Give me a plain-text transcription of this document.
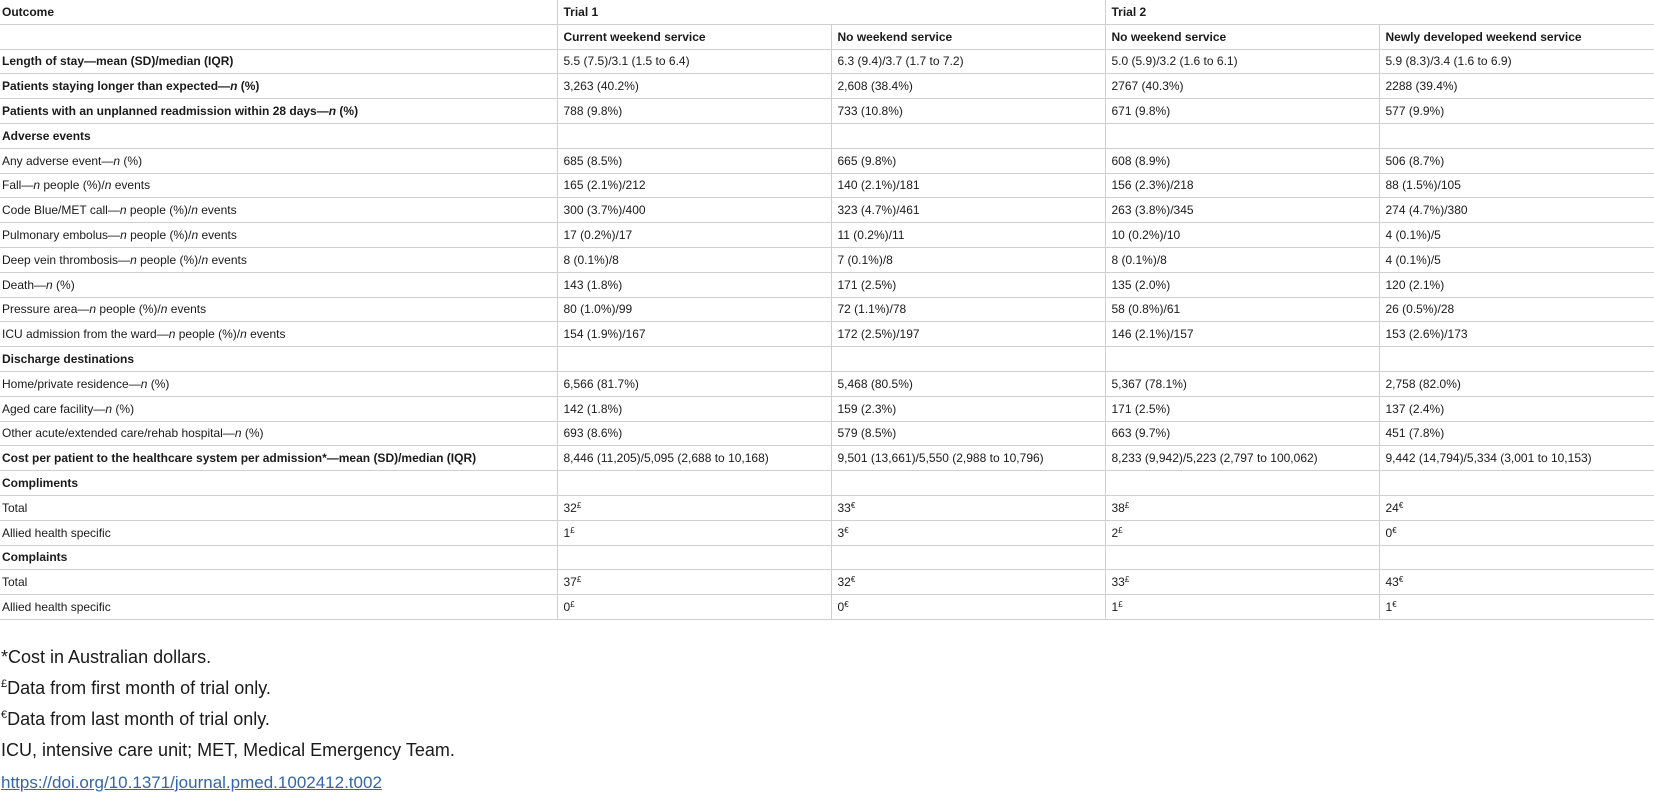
Outcome	Trial 1		Trial 2	
	Current weekend service	No weekend service	No weekend service	Newly developed weekend service
Length of stay—mean (SD)/median (IQR)	5.5 (7.5)/3.1 (1.5 to 6.4)	6.3 (9.4)/3.7 (1.7 to 7.2)	5.0 (5.9)/3.2 (1.6 to 6.1)	5.9 (8.3)/3.4 (1.6 to 6.9)
Patients staying longer than expected—n (%)	3,263 (40.2%)	2,608 (38.4%)	2767 (40.3%)	2288 (39.4%)
Patients with an unplanned readmission within 28 days—n (%)	788 (9.8%)	733 (10.8%)	671 (9.8%)	577 (9.9%)
Adverse events				
Any adverse event—n (%)	685 (8.5%)	665 (9.8%)	608 (8.9%)	506 (8.7%)
Fall—n people (%)/n events	165 (2.1%)/212	140 (2.1%)/181	156 (2.3%)/218	88 (1.5%)/105
Code Blue/MET call—n people (%)/n events	300 (3.7%)/400	323 (4.7%)/461	263 (3.8%)/345	274 (4.7%)/380
Pulmonary embolus—n people (%)/n events	17 (0.2%)/17	11 (0.2%)/11	10 (0.2%)/10	4 (0.1%)/5
Deep vein thrombosis—n people (%)/n events	8 (0.1%)/8	7 (0.1%)/8	8 (0.1%)/8	4 (0.1%)/5
Death—n (%)	143 (1.8%)	171 (2.5%)	135 (2.0%)	120 (2.1%)
Pressure area—n people (%)/n events	80 (1.0%)/99	72 (1.1%)/78	58 (0.8%)/61	26 (0.5%)/28
ICU admission from the ward—n people (%)/n events	154 (1.9%)/167	172 (2.5%)/197	146 (2.1%)/157	153 (2.6%)/173
Discharge destinations				
Home/private residence—n (%)	6,566 (81.7%)	5,468 (80.5%)	5,367 (78.1%)	2,758 (82.0%)
Aged care facility—n (%)	142 (1.8%)	159 (2.3%)	171 (2.5%)	137 (2.4%)
Other acute/extended care/rehab hospital—n (%)	693 (8.6%)	579 (8.5%)	663 (9.7%)	451 (7.8%)
Cost per patient to the healthcare system per admission*—mean (SD)/median (IQR)	8,446 (11,205)/5,095 (2,688 to 10,168)	9,501 (13,661)/5,550 (2,988 to 10,796)	8,233 (9,942)/5,223 (2,797 to 100,062)	9,442 (14,794)/5,334 (3,001 to 10,153)
Compliments				
Total	32£	33€	38£	24€
Allied health specific	1£	3€	2£	0€
Complaints				
Total	37£	32€	33£	43€
Allied health specific	0£	0€	1£	1€
*Cost in Australian dollars.
£Data from first month of trial only.
€Data from last month of trial only.
ICU, intensive care unit; MET, Medical Emergency Team.
https://doi.org/10.1371/journal.pmed.1002412.t002
